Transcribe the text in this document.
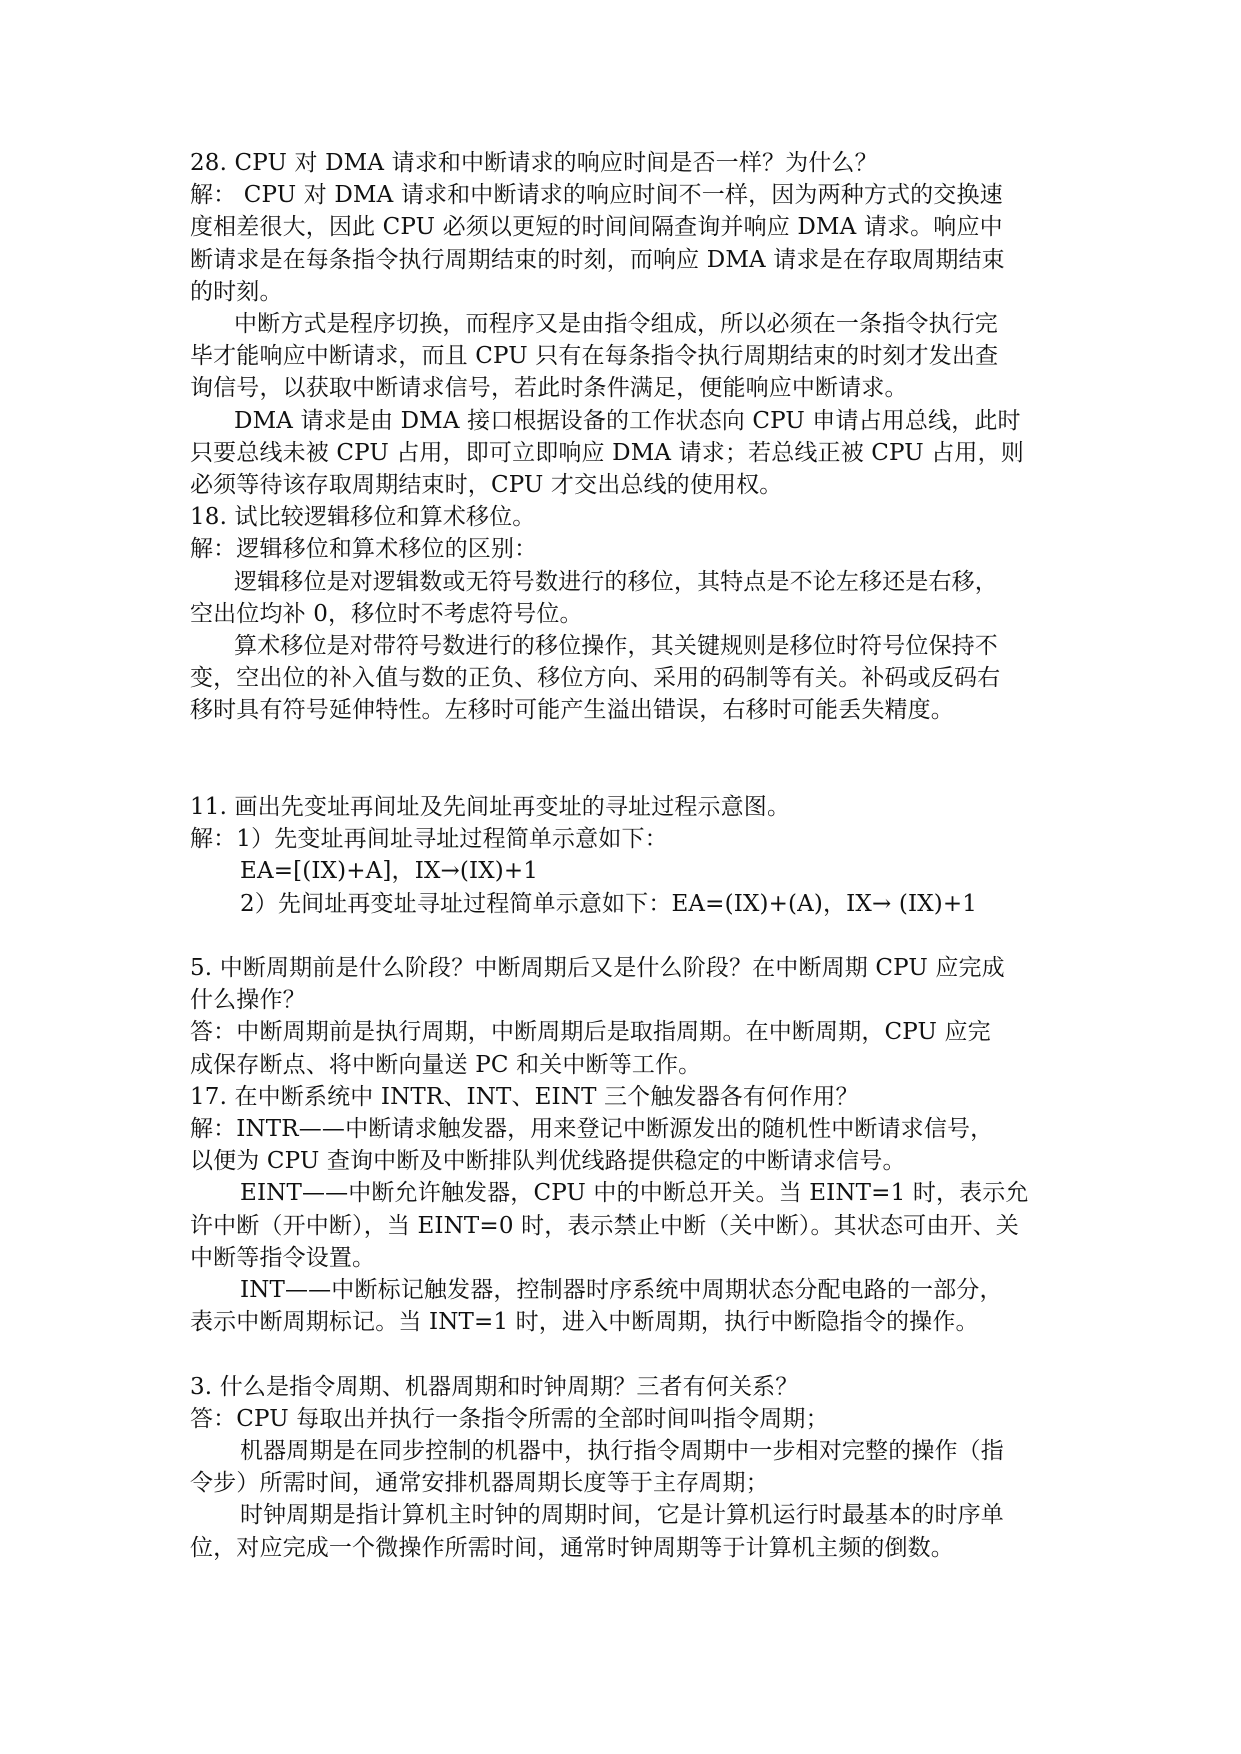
28. CPU 对 DMA 请求和中断请求的响应时间是否一样？为什么？
解： CPU 对 DMA 请求和中断请求的响应时间不一样，因为两种方式的交换速
度相差很大，因此 CPU 必须以更短的时间间隔查询并响应 DMA 请求。响应中
断请求是在每条指令执行周期结束的时刻，而响应 DMA 请求是在存取周期结束
的时刻。
中断方式是程序切换，而程序又是由指令组成，所以必须在一条指令执行完
毕才能响应中断请求，而且 CPU 只有在每条指令执行周期结束的时刻才发出查
询信号，以获取中断请求信号，若此时条件满足，便能响应中断请求。
DMA 请求是由 DMA 接口根据设备的工作状态向 CPU 申请占用总线，此时
只要总线未被 CPU 占用，即可立即响应 DMA 请求；若总线正被 CPU 占用，则
必须等待该存取周期结束时，CPU 才交出总线的使用权。
18. 试比较逻辑移位和算术移位。
解：逻辑移位和算术移位的区别：
逻辑移位是对逻辑数或无符号数进行的移位，其特点是不论左移还是右移，
空出位均补 0，移位时不考虑符号位。
算术移位是对带符号数进行的移位操作，其关键规则是移位时符号位保持不
变，空出位的补入值与数的正负、移位方向、采用的码制等有关。补码或反码右
移时具有符号延伸特性。左移时可能产生溢出错误，右移时可能丢失精度。
11. 画出先变址再间址及先间址再变址的寻址过程示意图。
解：1）先变址再间址寻址过程简单示意如下：
EA=[(IX)+A]，IX→(IX)+1
2）先间址再变址寻址过程简单示意如下：EA=(IX)+(A)，IX→ (IX)+1
5. 中断周期前是什么阶段？中断周期后又是什么阶段？在中断周期 CPU 应完成
什么操作？
答：中断周期前是执行周期，中断周期后是取指周期。在中断周期，CPU 应完
成保存断点、将中断向量送 PC 和关中断等工作。
17. 在中断系统中 INTR、INT、EINT 三个触发器各有何作用？
解：INTR——中断请求触发器，用来登记中断源发出的随机性中断请求信号，
以便为 CPU 查询中断及中断排队判优线路提供稳定的中断请求信号。
EINT——中断允许触发器，CPU 中的中断总开关。当 EINT=1 时，表示允
许中断（开中断），当 EINT=0 时，表示禁止中断（关中断）。其状态可由开、关
中断等指令设置。
INT——中断标记触发器，控制器时序系统中周期状态分配电路的一部分，
表示中断周期标记。当 INT=1 时，进入中断周期，执行中断隐指令的操作。
3. 什么是指令周期、机器周期和时钟周期？三者有何关系？
答：CPU 每取出并执行一条指令所需的全部时间叫指令周期；
机器周期是在同步控制的机器中，执行指令周期中一步相对完整的操作（指
令步）所需时间，通常安排机器周期长度等于主存周期；
时钟周期是指计算机主时钟的周期时间，它是计算机运行时最基本的时序单
位，对应完成一个微操作所需时间，通常时钟周期等于计算机主频的倒数。
